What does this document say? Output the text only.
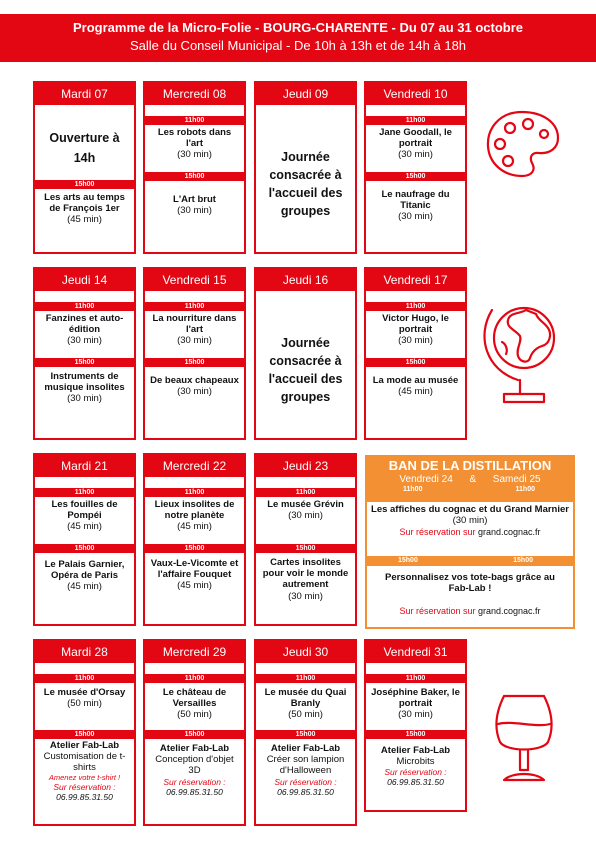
Programme de la Micro-Folie - BOURG-CHARENTE - Du 07 au 31 octobre
Salle du Conseil Municipal - De 10h à 13h et de 14h à 18h
Mardi 07
Ouverture à 14h
15h00
Les arts au temps de François 1er
(45 min)
Mercredi 08
11h00
Les robots dans l'art
(30 min)
15h00
L'Art brut
(30 min)
Jeudi 09
Journée consacrée à l'accueil des groupes
Vendredi 10
11h00
Jane Goodall, le portrait
(30 min)
15h00
Le naufrage du Titanic
(30 min)
Jeudi 14
11h00
Fanzines et auto-édition
(30 min)
15h00
Instruments de musique insolites
(30 min)
Vendredi 15
11h00
La nourriture dans l'art
(30 min)
15h00
De beaux chapeaux
(30 min)
Jeudi 16
Journée consacrée à l'accueil des groupes
Vendredi 17
11h00
Victor Hugo, le portrait
(30 min)
15h00
La mode au musée
(45 min)
Mardi 21
11h00
Les fouilles de Pompéi
(45 min)
15h00
Le Palais Garnier, Opéra de Paris
(45 min)
Mercredi 22
11h00
Lieux insolites de notre planète
(45 min)
15h00
Vaux-Le-Vicomte et l'affaire Fouquet
(45 min)
Jeudi 23
11h00
Le musée Grévin
(30 min)
15h00
Cartes insolites pour voir le monde autrement
(30 min)
BAN DE LA DISTILLATION
Vendredi 24 & Samedi 25
11h00	11h00
Les affiches du cognac et du Grand Marnier
(30 min)
Sur réservation sur grand.cognac.fr
15h00	15h00
Personnalisez vos tote-bags grâce au Fab-Lab !
Sur réservation sur grand.cognac.fr
Mardi 28
11h00
Le musée d'Orsay
(50 min)
15h00
Atelier Fab-Lab
Customisation de t-shirts
Amenez votre t-shirt !
Sur réservation :
06.99.85.31.50
Mercredi 29
11h00
Le château de Versailles
(50 min)
15h00
Atelier Fab-Lab
Conception d'objet 3D
Sur réservation :
06.99.85.31.50
Jeudi 30
11h00
Le musée du Quai Branly
(50 min)
15h00
Atelier Fab-Lab
Créer son lampion d'Halloween
Sur réservation :
06.99.85.31.50
Vendredi 31
11h00
Joséphine Baker, le portrait
(30 min)
15h00
Atelier Fab-Lab
Microbits
Sur réservation :
06.99.85.31.50
